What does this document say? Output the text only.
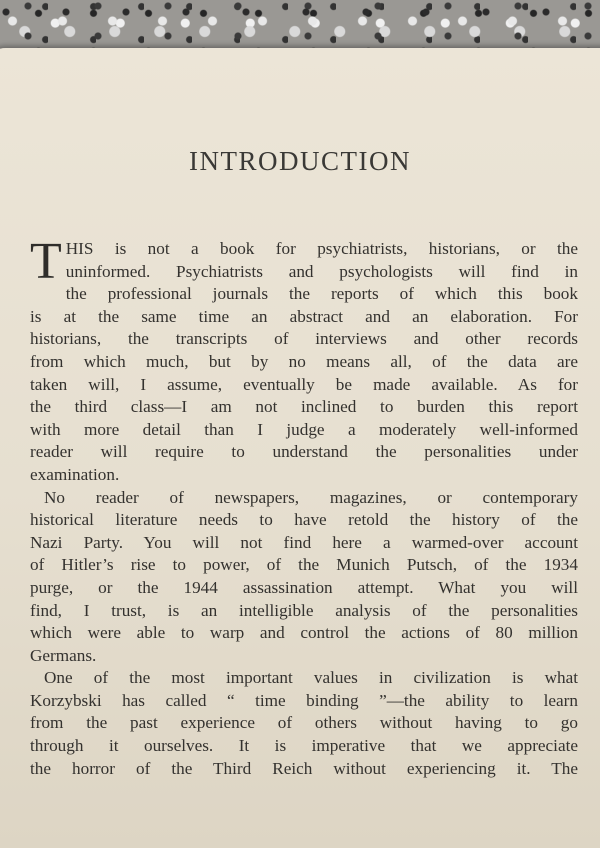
INTRODUCTION
T HIS is not a book for psychiatrists, historians, or the
uninformed. Psychiatrists and psychologists will find in
the professional journals the reports of which this book
is at the same time an abstract and an elaboration. For
historians, the transcripts of interviews and other records
from which much, but by no means all, of the data are
taken will, I assume, eventually be made available. As for
the third class—I am not inclined to burden this report
with more detail than I judge a moderately well-informed
reader will require to understand the personalities under
examination.
No reader of newspapers, magazines, or contemporary
historical literature needs to have retold the history of the
Nazi Party. You will not find here a warmed-over account
of Hitler’s rise to power, of the Munich Putsch, of the 1934
purge, or the 1944 assassination attempt. What you will
find, I trust, is an intelligible analysis of the personalities
which were able to warp and control the actions of 80 million
Germans.
One of the most important values in civilization is what
Korzybski has called “ time binding ”—the ability to learn
from the past experience of others without having to go
through it ourselves. It is imperative that we appreciate
the horror of the Third Reich without experiencing it. The
